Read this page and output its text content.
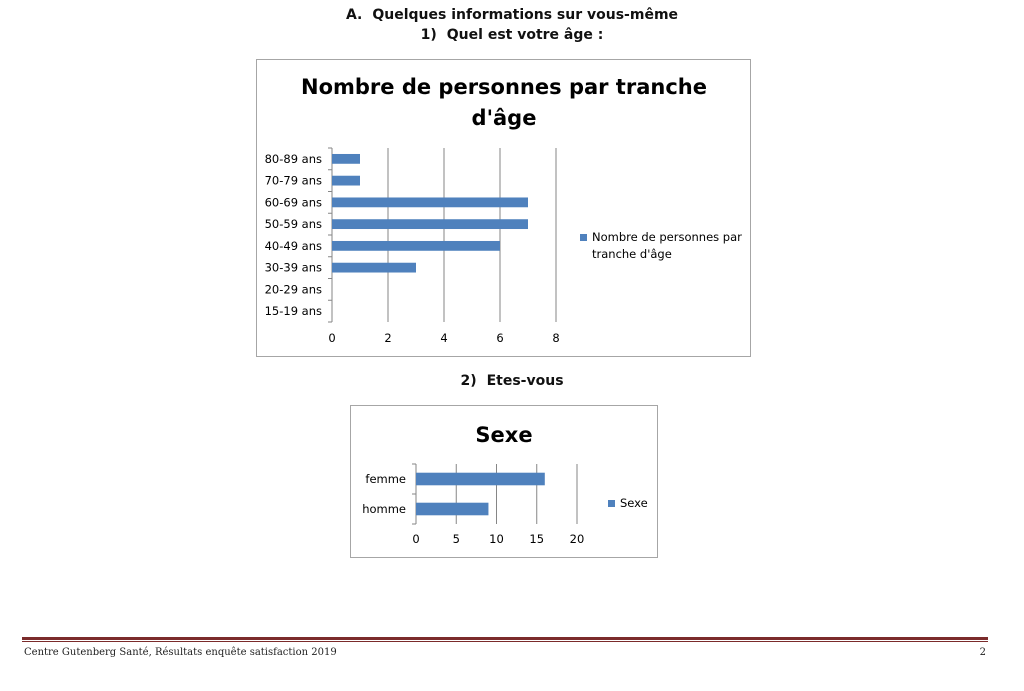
A. Quelques informations sur vous-même
1) Quel est votre âge :
Nombre de personnes par tranche
d'âge
0	2	4	6	8
15-19 ans
20-29 ans
30-39 ans
40-49 ans
50-59 ans
60-69 ans
70-79 ans
80-89 ans
Nombre de personnes par
tranche d'âge
2) Etes-vous
Sexe
0	5	10 15 20
homme
femme
Sexe
Centre Gutenberg Santé, Résultats enquête satisfaction 2019	2
